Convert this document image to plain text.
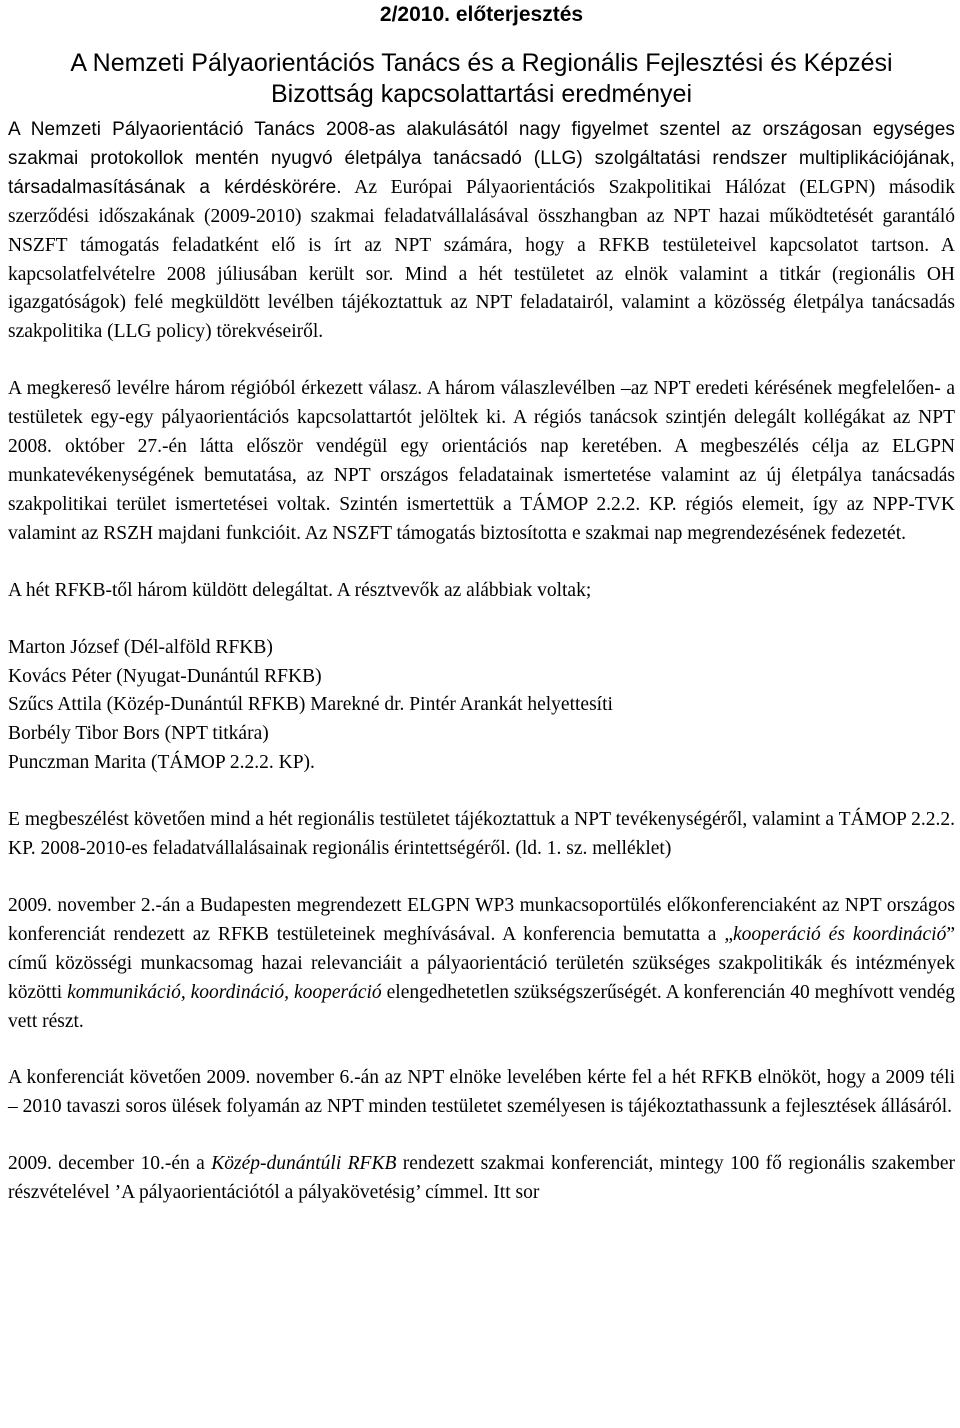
2/2010. előterjesztés
A Nemzeti Pályaorientációs Tanács és a Regionális Fejlesztési és Képzési
Bizottság kapcsolattartási eredményei

A Nemzeti Pályaorientáció Tanács 2008-as alakulásától nagy figyelmet szentel az országosan egységes szakmai protokollok mentén nyugvó életpálya tanácsadó (LLG) szolgáltatási rendszer multiplikációjának, társadalmasításának a kérdéskörére. Az Európai Pályaorientációs Szakpolitikai Hálózat (ELGPN) második szerződési időszakának (2009-2010) szakmai feladatvállalásával összhangban az NPT hazai működtetését garantáló NSZFT támogatás feladatként elő is írt az NPT számára, hogy a RFKB testületeivel kapcsolatot tartson. A kapcsolatfelvételre 2008 júliusában került sor. Mind a hét testületet az elnök valamint a titkár (regionális OH igazgatóságok) felé megküldött levélben tájékoztattuk az NPT feladatairól, valamint a közösség életpálya tanácsadás szakpolitika (LLG policy) törekvéseiről.

A megkereső levélre három régióból érkezett válasz. A három válaszlevélben –az NPT eredeti kérésének megfelelően- a testületek egy-egy pályaorientációs kapcsolattartót jelöltek ki. A régiós tanácsok szintjén delegált kollégákat az NPT 2008. október 27.-én látta először vendégül egy orientációs nap keretében. A megbeszélés célja az ELGPN munkatevékenységének bemutatása, az NPT országos feladatainak ismertetése valamint az új életpálya tanácsadás szakpolitikai terület ismertetései voltak. Szintén ismertettük a TÁMOP 2.2.2. KP. régiós elemeit, így az NPP-TVK valamint az RSZH majdani funkcióit. Az NSZFT támogatás biztosította e szakmai nap megrendezésének fedezetét.

A hét RFKB-től három küldött delegáltat. A résztvevők az alábbiak voltak;

Marton József (Dél-alföld RFKB)
Kovács Péter (Nyugat-Dunántúl RFKB)
Szűcs Attila (Közép-Dunántúl RFKB) Marekné dr. Pintér Arankát helyettesíti
Borbély Tibor Bors (NPT titkára)
Punczman Marita (TÁMOP 2.2.2. KP).

E megbeszélést követően mind a hét regionális testületet tájékoztattuk a NPT tevékenységéről, valamint a TÁMOP 2.2.2. KP. 2008-2010-es feladatvállalásainak regionális érintettségéről. (ld. 1. sz. melléklet)

2009. november 2.-án a Budapesten megrendezett ELGPN WP3 munkacsoportülés előkonferenciaként az NPT országos konferenciát rendezett az RFKB testületeinek meghívásával. A konferencia bemutatta a „kooperáció és koordináció” című közösségi munkacsomag hazai relevanciáit a pályaorientáció területén szükséges szakpolitikák és intézmények közötti kommunikáció, koordináció, kooperáció elengedhetetlen szükségszerűségét. A konferencián 40 meghívott vendég vett részt.

A konferenciát követően 2009. november 6.-án az NPT elnöke levelében kérte fel a hét RFKB elnököt, hogy a 2009 téli – 2010 tavaszi soros ülések folyamán az NPT minden testületet személyesen is tájékoztathassunk a fejlesztések állásáról.

2009. december 10.-én a Közép-dunántúli RFKB rendezett szakmai konferenciát, mintegy 100 fő regionális szakember részvételével ’A pályaorientációtól a pályakövetésig’ címmel. Itt sor
